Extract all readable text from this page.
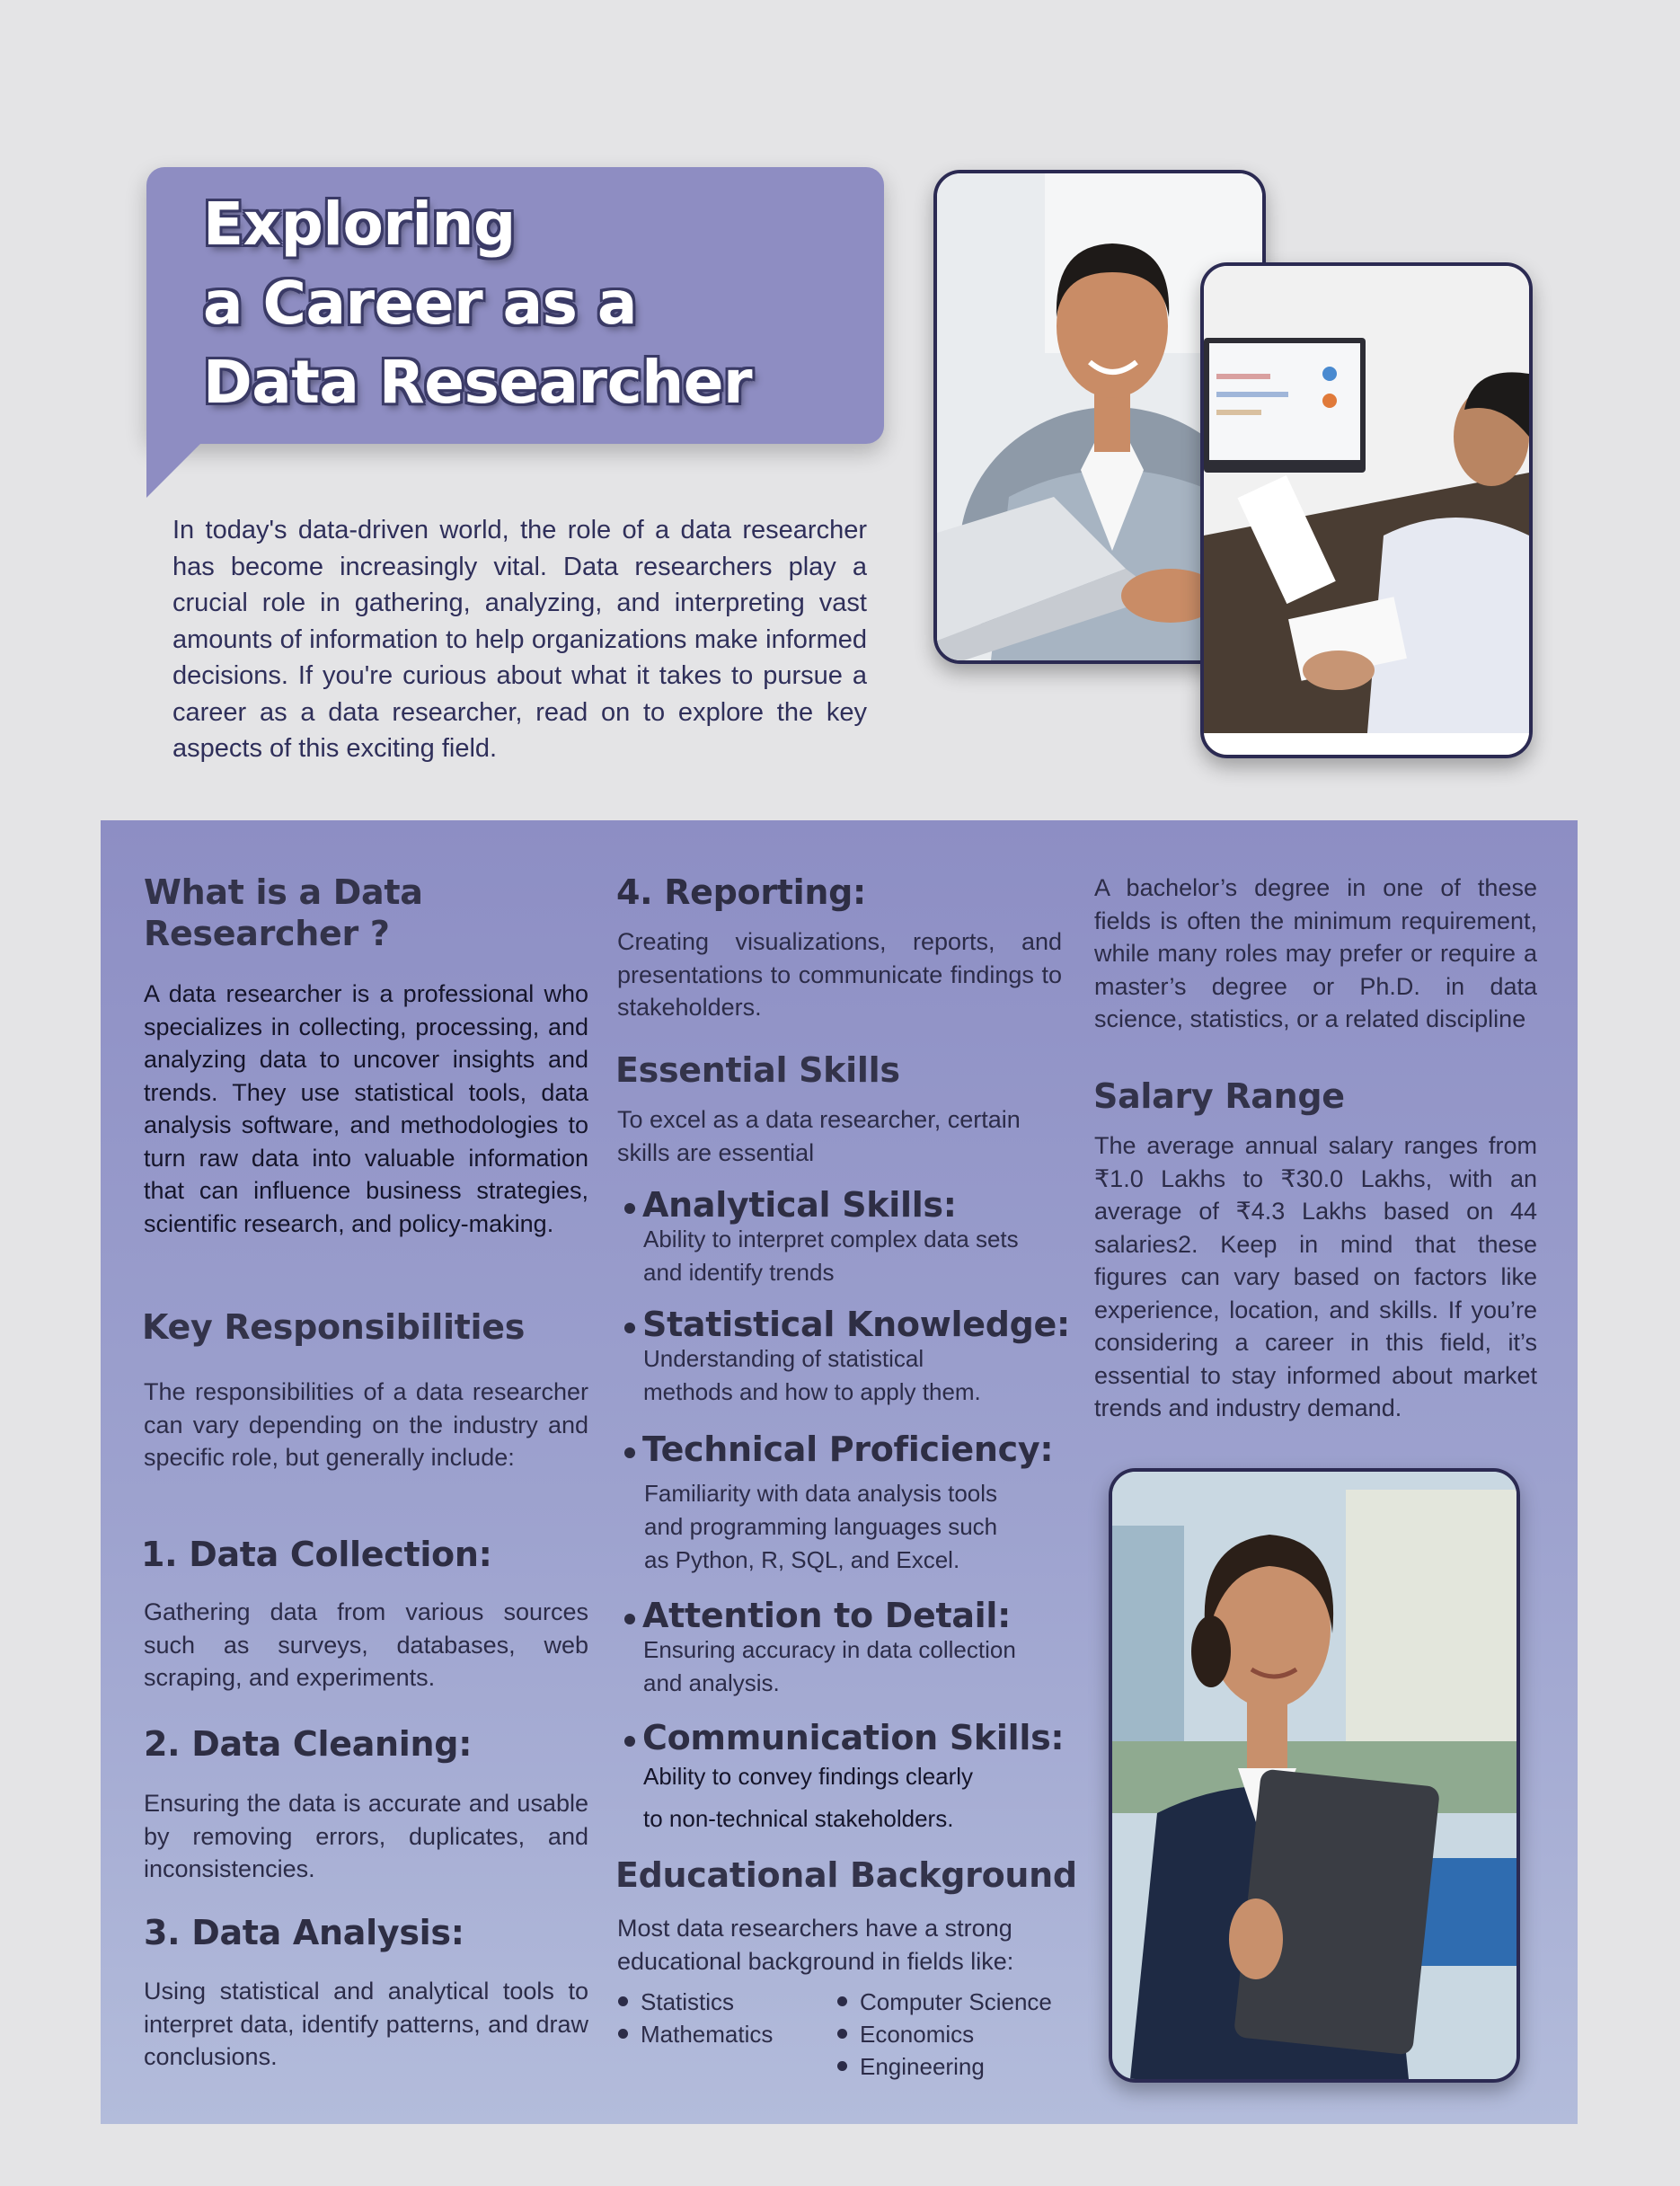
Exploring
a Career as a
Data Researcher

In today's data-driven world, the role of a data researcher has become increasingly vital. Data researchers play a crucial role in gathering, analyzing, and interpreting vast amounts of information to help organizations make informed decisions. If you're curious about what it takes to pursue a career as a data researcher, read on to explore the key aspects of this exciting field.

What is a Data Researcher ?

A data researcher is a professional who specializes in collecting, processing, and analyzing data to uncover insights and trends. They use statistical tools, data analysis software, and methodologies to turn raw data into valuable information that can influence business strategies, scientific research, and policy-making.

Key Responsibilities

The responsibilities of a data researcher can vary depending on the industry and specific role, but generally include:

1. Data Collection:

Gathering data from various sources such as surveys, databases, web scraping, and experiments.

2. Data Cleaning:

Ensuring the data is accurate and usable by removing errors, duplicates, and inconsistencies.

3. Data Analysis:

Using statistical and analytical tools to interpret data, identify patterns, and draw conclusions.

4. Reporting:

Creating visualizations, reports, and presentations to communicate findings to stakeholders.

Essential Skills

To excel as a data researcher, certain skills are essential

Analytical Skills:
Ability to interpret complex data sets
and identify trends
Statistical Knowledge:
Understanding of statistical
methods and how to apply them.
Technical Proficiency:
Familiarity with data analysis tools
and programming languages such
as Python, R, SQL, and Excel.
Attention to Detail:
Ensuring accuracy in data collection
and analysis.
Communication Skills:
Ability to convey findings clearly
to non-technical stakeholders.
Educational Background

Most data researchers have a strong educational background in fields like:

Statistics
Mathematics
Computer Science
Economics
Engineering

A bachelor’s degree in one of these fields is often the minimum requirement, while many roles may prefer or require a master’s degree or Ph.D. in data science, statistics, or a related discipline

Salary Range

The average annual salary ranges from ₹1.0 Lakhs to ₹30.0 Lakhs, with an average of ₹4.3 Lakhs based on 44 salaries2. Keep in mind that these figures can vary based on factors like experience, location, and skills. If you’re considering a career in this field, it’s essential to stay informed about market trends and industry demand.
